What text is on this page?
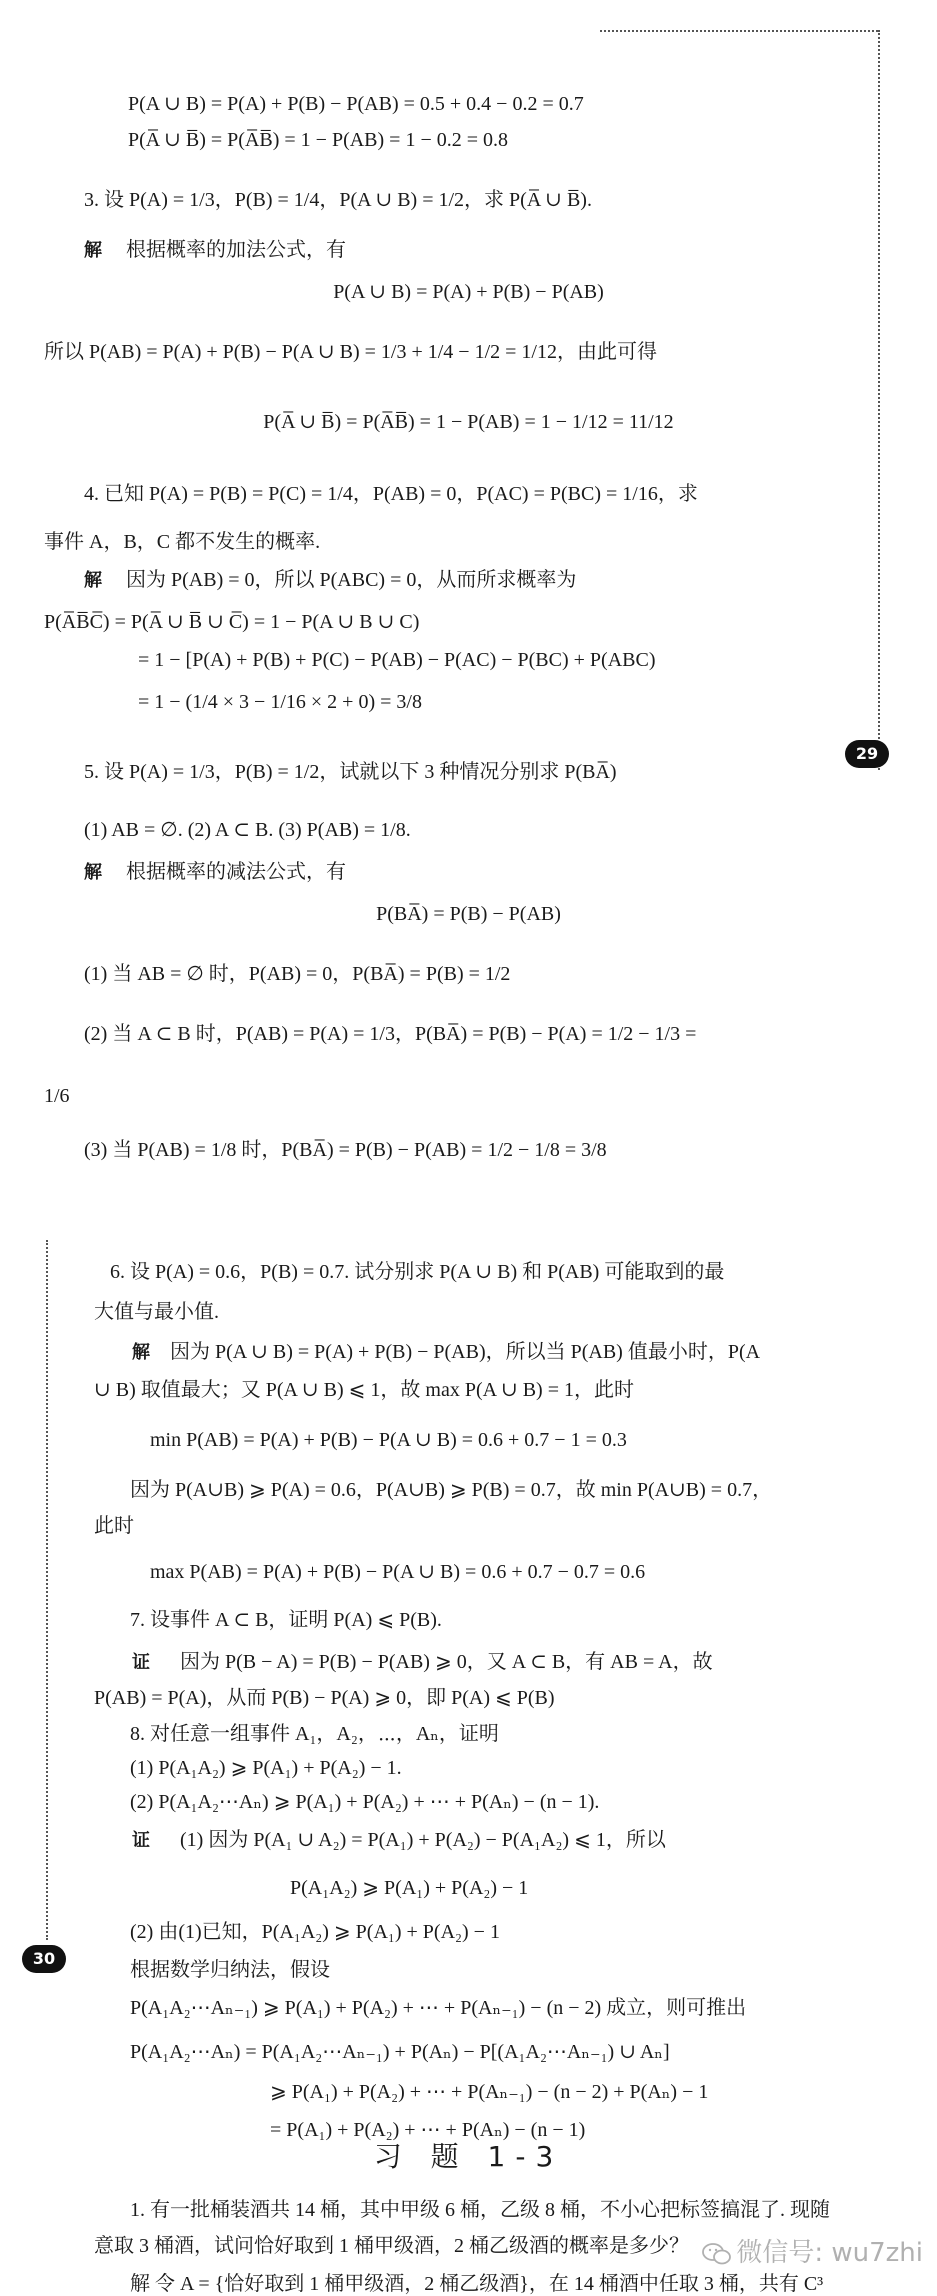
29
30
P(A ∪ B) = P(A) + P(B) − P(AB) = 0.5 + 0.4 − 0.2 = 0.7
P(A̅ ∪ B̅) = P(A̅B̅) = 1 − P(AB) = 1 − 0.2 = 0.8
3. 设 P(A) = 1/3，P(B) = 1/4，P(A ∪ B) = 1/2，求 P(A̅ ∪ B̅).
解 根据概率的加法公式，有
P(A ∪ B) = P(A) + P(B) − P(AB)
所以 P(AB) = P(A) + P(B) − P(A ∪ B) = 1/3 + 1/4 − 1/2 = 1/12，由此可得
P(A̅ ∪ B̅) = P(A̅B̅) = 1 − P(AB) = 1 − 1/12 = 11/12
4. 已知 P(A) = P(B) = P(C) = 1/4，P(AB) = 0，P(AC) = P(BC) = 1/16，求
事件 A，B，C 都不发生的概率.
解 因为 P(AB) = 0，所以 P(ABC) = 0，从而所求概率为
P(A̅B̅C̅) = P(A̅ ∪ B̅ ∪ C̅) = 1 − P(A ∪ B ∪ C)
= 1 − [P(A) + P(B) + P(C) − P(AB) − P(AC) − P(BC) + P(ABC)
= 1 − (1/4 × 3 − 1/16 × 2 + 0) = 3/8
5. 设 P(A) = 1/3，P(B) = 1/2，试就以下 3 种情况分别求 P(BA̅)
(1) AB = ∅. (2) A ⊂ B. (3) P(AB) = 1/8.
解 根据概率的减法公式，有
P(BA̅) = P(B) − P(AB)
(1) 当 AB = ∅ 时，P(AB) = 0，P(BA̅) = P(B) = 1/2
(2) 当 A ⊂ B 时，P(AB) = P(A) = 1/3，P(BA̅) = P(B) − P(A) = 1/2 − 1/3 =
1/6
(3) 当 P(AB) = 1/8 时，P(BA̅) = P(B) − P(AB) = 1/2 − 1/8 = 3/8
6. 设 P(A) = 0.6，P(B) = 0.7. 试分别求 P(A ∪ B) 和 P(AB) 可能取到的最
大值与最小值.
解 因为 P(A ∪ B) = P(A) + P(B) − P(AB)，所以当 P(AB) 值最小时，P(A
∪ B) 取值最大；又 P(A ∪ B) ⩽ 1，故 max P(A ∪ B) = 1，此时
min P(AB) = P(A) + P(B) − P(A ∪ B) = 0.6 + 0.7 − 1 = 0.3
因为 P(A∪B) ⩾ P(A) = 0.6，P(A∪B) ⩾ P(B) = 0.7，故 min P(A∪B) = 0.7，
此时
max P(AB) = P(A) + P(B) − P(A ∪ B) = 0.6 + 0.7 − 0.7 = 0.6
7. 设事件 A ⊂ B，证明 P(A) ⩽ P(B).
证 因为 P(B − A) = P(B) − P(AB) ⩾ 0，又 A ⊂ B，有 AB = A，故
P(AB) = P(A)，从而 P(B) − P(A) ⩾ 0，即 P(A) ⩽ P(B)
8. 对任意一组事件 A₁，A₂，⋯，Aₙ，证明
(1) P(A₁A₂) ⩾ P(A₁) + P(A₂) − 1.
(2) P(A₁A₂⋯Aₙ) ⩾ P(A₁) + P(A₂) + ⋯ + P(Aₙ) − (n − 1).
证 (1) 因为 P(A₁ ∪ A₂) = P(A₁) + P(A₂) − P(A₁A₂) ⩽ 1，所以
P(A₁A₂) ⩾ P(A₁) + P(A₂) − 1
(2) 由(1)已知，P(A₁A₂) ⩾ P(A₁) + P(A₂) − 1
根据数学归纳法，假设
P(A₁A₂⋯Aₙ₋₁) ⩾ P(A₁) + P(A₂) + ⋯ + P(Aₙ₋₁) − (n − 2) 成立，则可推出
P(A₁A₂⋯Aₙ) = P(A₁A₂⋯Aₙ₋₁) + P(Aₙ) − P[(A₁A₂⋯Aₙ₋₁) ∪ Aₙ]
⩾ P(A₁) + P(A₂) + ⋯ + P(Aₙ₋₁) − (n − 2) + P(Aₙ) − 1
= P(A₁) + P(A₂) + ⋯ + P(Aₙ) − (n − 1)
习 题 1-3
1. 有一批桶装酒共 14 桶，其中甲级 6 桶，乙级 8 桶，不小心把标签搞混了. 现随
意取 3 桶酒，试问恰好取到 1 桶甲级酒，2 桶乙级酒的概率是多少？
解 令 A = {恰好取到 1 桶甲级酒，2 桶乙级酒}，在 14 桶酒中任取 3 桶，共有 C³
微信号: wu7zhi
